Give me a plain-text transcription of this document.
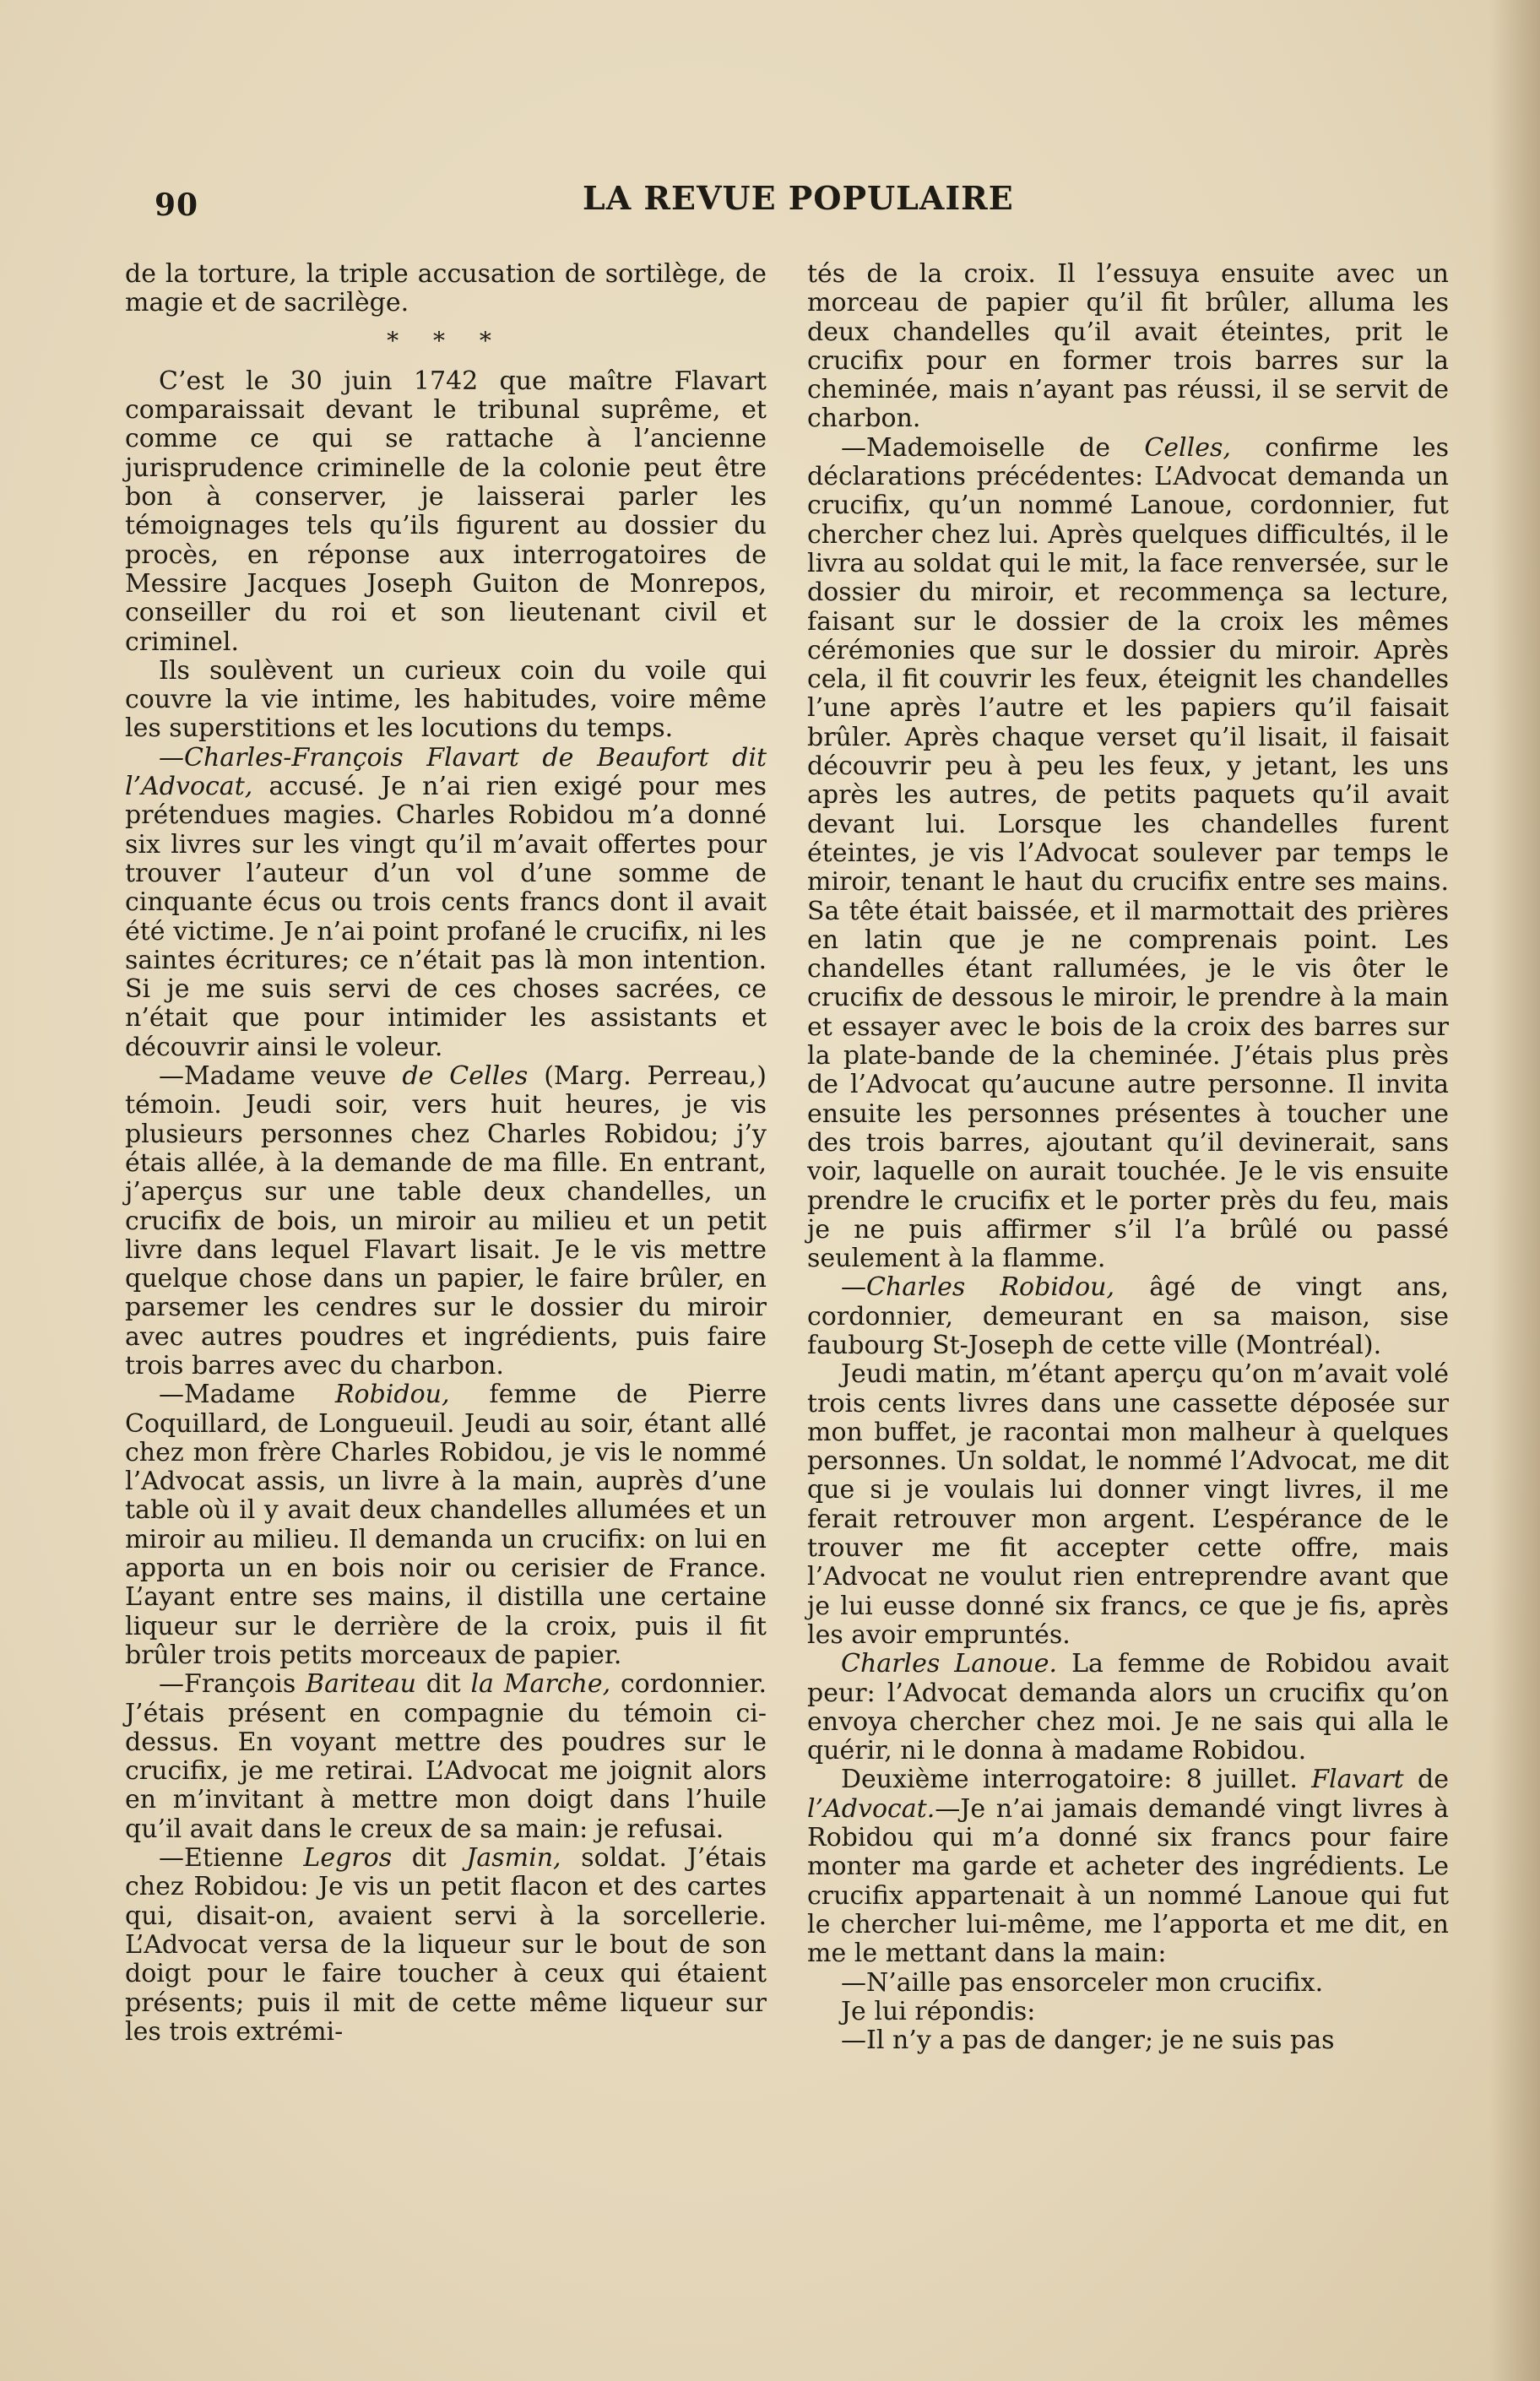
90	LA REVUE POPULAIRE

de la torture, la triple accusation de sortilège, de magie et de sacrilège.

* * *

C’est le 30 juin 1742 que maître Flavart comparaissait devant le tribunal suprême, et comme ce qui se rattache à l’ancienne jurisprudence criminelle de la colonie peut être bon à conserver, je laisserai parler les témoignages tels qu’ils figurent au dossier du procès, en réponse aux interrogatoires de Messire Jacques Joseph Guiton de Monrepos, conseiller du roi et son lieutenant civil et criminel.

Ils soulèvent un curieux coin du voile qui couvre la vie intime, les habitudes, voire même les superstitions et les locutions du temps.

—Charles-François Flavart de Beaufort dit l’Advocat, accusé. Je n’ai rien exigé pour mes prétendues magies. Charles Robidou m’a donné six livres sur les vingt qu’il m’avait offertes pour trouver l’auteur d’un vol d’une somme de cinquante écus ou trois cents francs dont il avait été victime. Je n’ai point profané le crucifix, ni les saintes écritures; ce n’était pas là mon intention. Si je me suis servi de ces choses sacrées, ce n’était que pour intimider les assistants et découvrir ainsi le voleur.

—Madame veuve de Celles (Marg. Perreau,) témoin. Jeudi soir, vers huit heures, je vis plusieurs personnes chez Charles Robidou; j’y étais allée, à la demande de ma fille. En entrant, j’aperçus sur une table deux chandelles, un crucifix de bois, un miroir au milieu et un petit livre dans lequel Flavart lisait. Je le vis mettre quelque chose dans un papier, le faire brûler, en parsemer les cendres sur le dossier du miroir avec autres poudres et ingrédients, puis faire trois barres avec du charbon.

—Madame Robidou, femme de Pierre Coquillard, de Longueuil. Jeudi au soir, étant allé chez mon frère Charles Robidou, je vis le nommé l’Advocat assis, un livre à la main, auprès d’une table où il y avait deux chandelles allumées et un miroir au milieu. Il demanda un crucifix: on lui en apporta un en bois noir ou cerisier de France. L’ayant entre ses mains, il distilla une certaine liqueur sur le derrière de la croix, puis il fit brûler trois petits morceaux de papier.

—François Bariteau dit la Marche, cordonnier. J’étais présent en compagnie du témoin ci-dessus. En voyant mettre des poudres sur le crucifix, je me retirai. L’Advocat me joignit alors en m’invitant à mettre mon doigt dans l’huile qu’il avait dans le creux de sa main: je refusai.

—Etienne Legros dit Jasmin, soldat. J’étais chez Robidou: Je vis un petit flacon et des cartes qui, disait-on, avaient servi à la sorcellerie. L’Advocat versa de la liqueur sur le bout de son doigt pour le faire toucher à ceux qui étaient présents; puis il mit de cette même liqueur sur les trois extrémi-

tés de la croix. Il l’essuya ensuite avec un morceau de papier qu’il fit brûler, alluma les deux chandelles qu’il avait éteintes, prit le crucifix pour en former trois barres sur la cheminée, mais n’ayant pas réussi, il se servit de charbon.

—Mademoiselle de Celles, confirme les déclarations précédentes: L’Advocat demanda un crucifix, qu’un nommé Lanoue, cordonnier, fut chercher chez lui. Après quelques difficultés, il le livra au soldat qui le mit, la face renversée, sur le dossier du miroir, et recommença sa lecture, faisant sur le dossier de la croix les mêmes cérémonies que sur le dossier du miroir. Après cela, il fit couvrir les feux, éteignit les chandelles l’une après l’autre et les papiers qu’il faisait brûler. Après chaque verset qu’il lisait, il faisait découvrir peu à peu les feux, y jetant, les uns après les autres, de petits paquets qu’il avait devant lui. Lorsque les chandelles furent éteintes, je vis l’Advocat soulever par temps le miroir, tenant le haut du crucifix entre ses mains. Sa tête était baissée, et il marmottait des prières en latin que je ne comprenais point. Les chandelles étant rallumées, je le vis ôter le crucifix de dessous le miroir, le prendre à la main et essayer avec le bois de la croix des barres sur la plate-bande de la cheminée. J’étais plus près de l’Advocat qu’aucune autre personne. Il invita ensuite les personnes présentes à toucher une des trois barres, ajoutant qu’il devinerait, sans voir, laquelle on aurait touchée. Je le vis ensuite prendre le crucifix et le porter près du feu, mais je ne puis affirmer s’il l’a brûlé ou passé seulement à la flamme.

—Charles Robidou, âgé de vingt ans, cordonnier, demeurant en sa maison, sise faubourg St-Joseph de cette ville (Montréal).

Jeudi matin, m’étant aperçu qu’on m’avait volé trois cents livres dans une cassette déposée sur mon buffet, je racontai mon malheur à quelques personnes. Un soldat, le nommé l’Advocat, me dit que si je voulais lui donner vingt livres, il me ferait retrouver mon argent. L’espérance de le trouver me fit accepter cette offre, mais l’Advocat ne voulut rien entreprendre avant que je lui eusse donné six francs, ce que je fis, après les avoir empruntés.

Charles Lanoue. La femme de Robidou avait peur: l’Advocat demanda alors un crucifix qu’on envoya chercher chez moi. Je ne sais qui alla le quérir, ni le donna à madame Robidou.

Deuxième interrogatoire: 8 juillet. Flavart de l’Advocat.—Je n’ai jamais demandé vingt livres à Robidou qui m’a donné six francs pour faire monter ma garde et acheter des ingrédients. Le crucifix appartenait à un nommé Lanoue qui fut le chercher lui-même, me l’apporta et me dit, en me le mettant dans la main:

—N’aille pas ensorceler mon crucifix.

Je lui répondis:

—Il n’y a pas de danger; je ne suis pas
